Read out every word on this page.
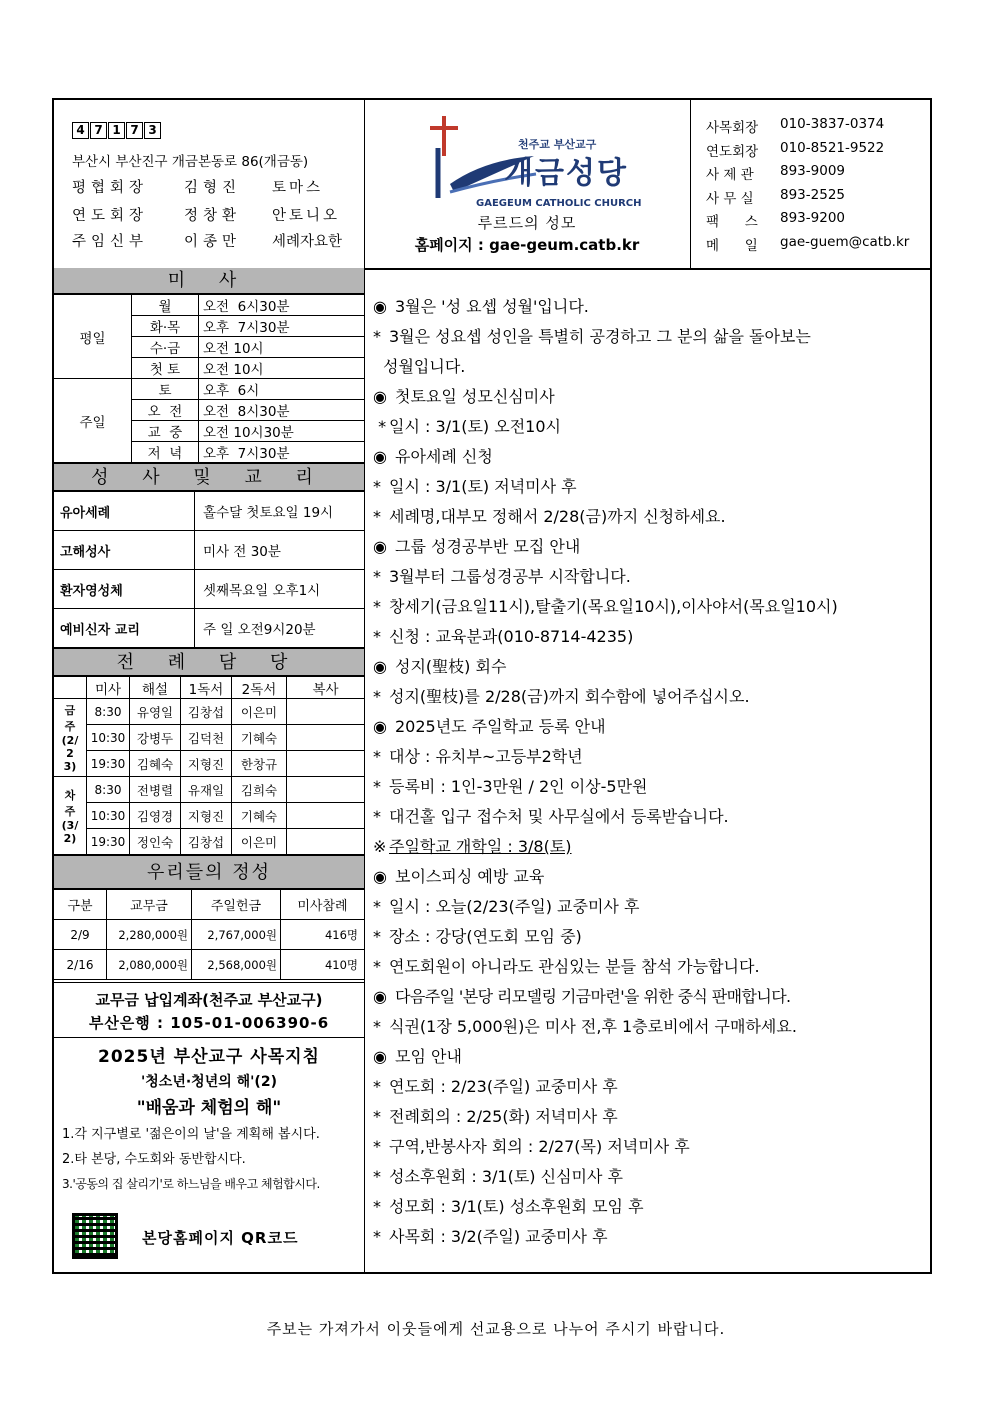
4 7 1 7 3
부산시 부산진구 개금본동로 86(개금동)
평협회장	김형진	토마스
연도회장	정창환	안토니오
주임신부	이종만	세례자요한
천주교 부산교구
개금성당
GAEGEUM CATHOLIC CHURCH
루르드의 성모
홈페이지 : gae-geum.catb.kr
사목회장	010-3837-0374
연도회장	010-8521-9522
사 제 관	893-9009
사 무 실	893-2525
팩      스	893-9200
메      일	gae-guem@catb.kr
미 사
평일	월	오전  6시30분
	화·목	오후  7시30분
	수·금	오전 10시
	첫 토	오전 10시
주일	토	오후  6시
	오  전	오전  8시30분
	교  중	오전 10시30분
	저  녁	오후  7시30분
성 사 및 교 리
유아세례	홀수달 첫토요일 19시
고해성사	미사 전 30분
환자영성체	셋째목요일 오후1시
예비신자 교리	주 일 오전9시20분
전 례 담 당
	미사	해설	1독서	2독서	복사
금주(2/23)	8:30	유영일	김창섭	이은미	
	10:30	강병두	김덕천	기혜숙	
	19:30	김혜숙	지형진	한창규	
차주(3/2)	8:30	전병렬	유재일	김희숙	
	10:30	김영경	지형진	기혜숙	
	19:30	정인숙	김창섭	이은미	
우리들의 정성
구분	교무금	주일헌금	미사참례
2/9	2,280,000원	2,767,000원	416명
2/16	2,080,000원	2,568,000원	410명
교무금 납입계좌(천주교 부산교구)
부산은행 : 105-01-006390-6
2025년 부산교구 사목지침
'청소년·청년의 해'(2)
"배움과 체험의 해"
1.각 지구별로 '젊은이의 날'을 계획해 봅시다.
2.타 본당, 수도회와 동반합시다.
3.'공동의 집 살리기'로 하느님을 배우고 체험합시다.
◉ 3월은 '성 요셉 성월'입니다.
* 3월은 성요셉 성인을 특별히 공경하고 그 분의 삶을 돌아보는
성월입니다.
◉ 첫토요일 성모신심미사
* 일시 : 3/1(토) 오전10시
◉ 유아세례 신청
* 일시 : 3/1(토) 저녁미사 후
* 세례명,대부모 정해서 2/28(금)까지 신청하세요.
◉ 그룹 성경공부반 모집 안내
* 3월부터 그룹성경공부 시작합니다.
* 창세기(금요일11시),탈출기(목요일10시),이사야서(목요일10시)
* 신청 : 교육분과(010-8714-4235)
◉ 성지(聖枝) 회수
* 성지(聖枝)를 2/28(금)까지 회수함에 넣어주십시오.
◉ 2025년도 주일학교 등록 안내
* 대상 : 유치부~고등부2학년
* 등록비 : 1인-3만원 / 2인 이상-5만원
* 대건홀 입구 접수처 및 사무실에서 등록받습니다.
※ 주일학교 개학일 : 3/8(토)
◉ 보이스피싱 예방 교육
* 일시 : 오늘(2/23(주일) 교중미사 후
* 장소 : 강당(연도회 모임 중)
* 연도회원이 아니라도 관심있는 분들 참석 가능합니다.
◉ 다음주일 '본당 리모델링 기금마련'을 위한 중식 판매합니다.
* 식권(1장 5,000원)은 미사 전,후 1층로비에서 구매하세요.
◉ 모임 안내
* 연도회 : 2/23(주일) 교중미사 후
* 전례회의 : 2/25(화) 저녁미사 후
* 구역,반봉사자 회의 : 2/27(목) 저녁미사 후
* 성소후원회 : 3/1(토) 신심미사 후
* 성모회 : 3/1(토) 성소후원회 모임 후
* 사목회 : 3/2(주일) 교중미사 후
본당홈페이지 QR코드
주보는 가져가서 이웃들에게 선교용으로 나누어 주시기 바랍니다.
